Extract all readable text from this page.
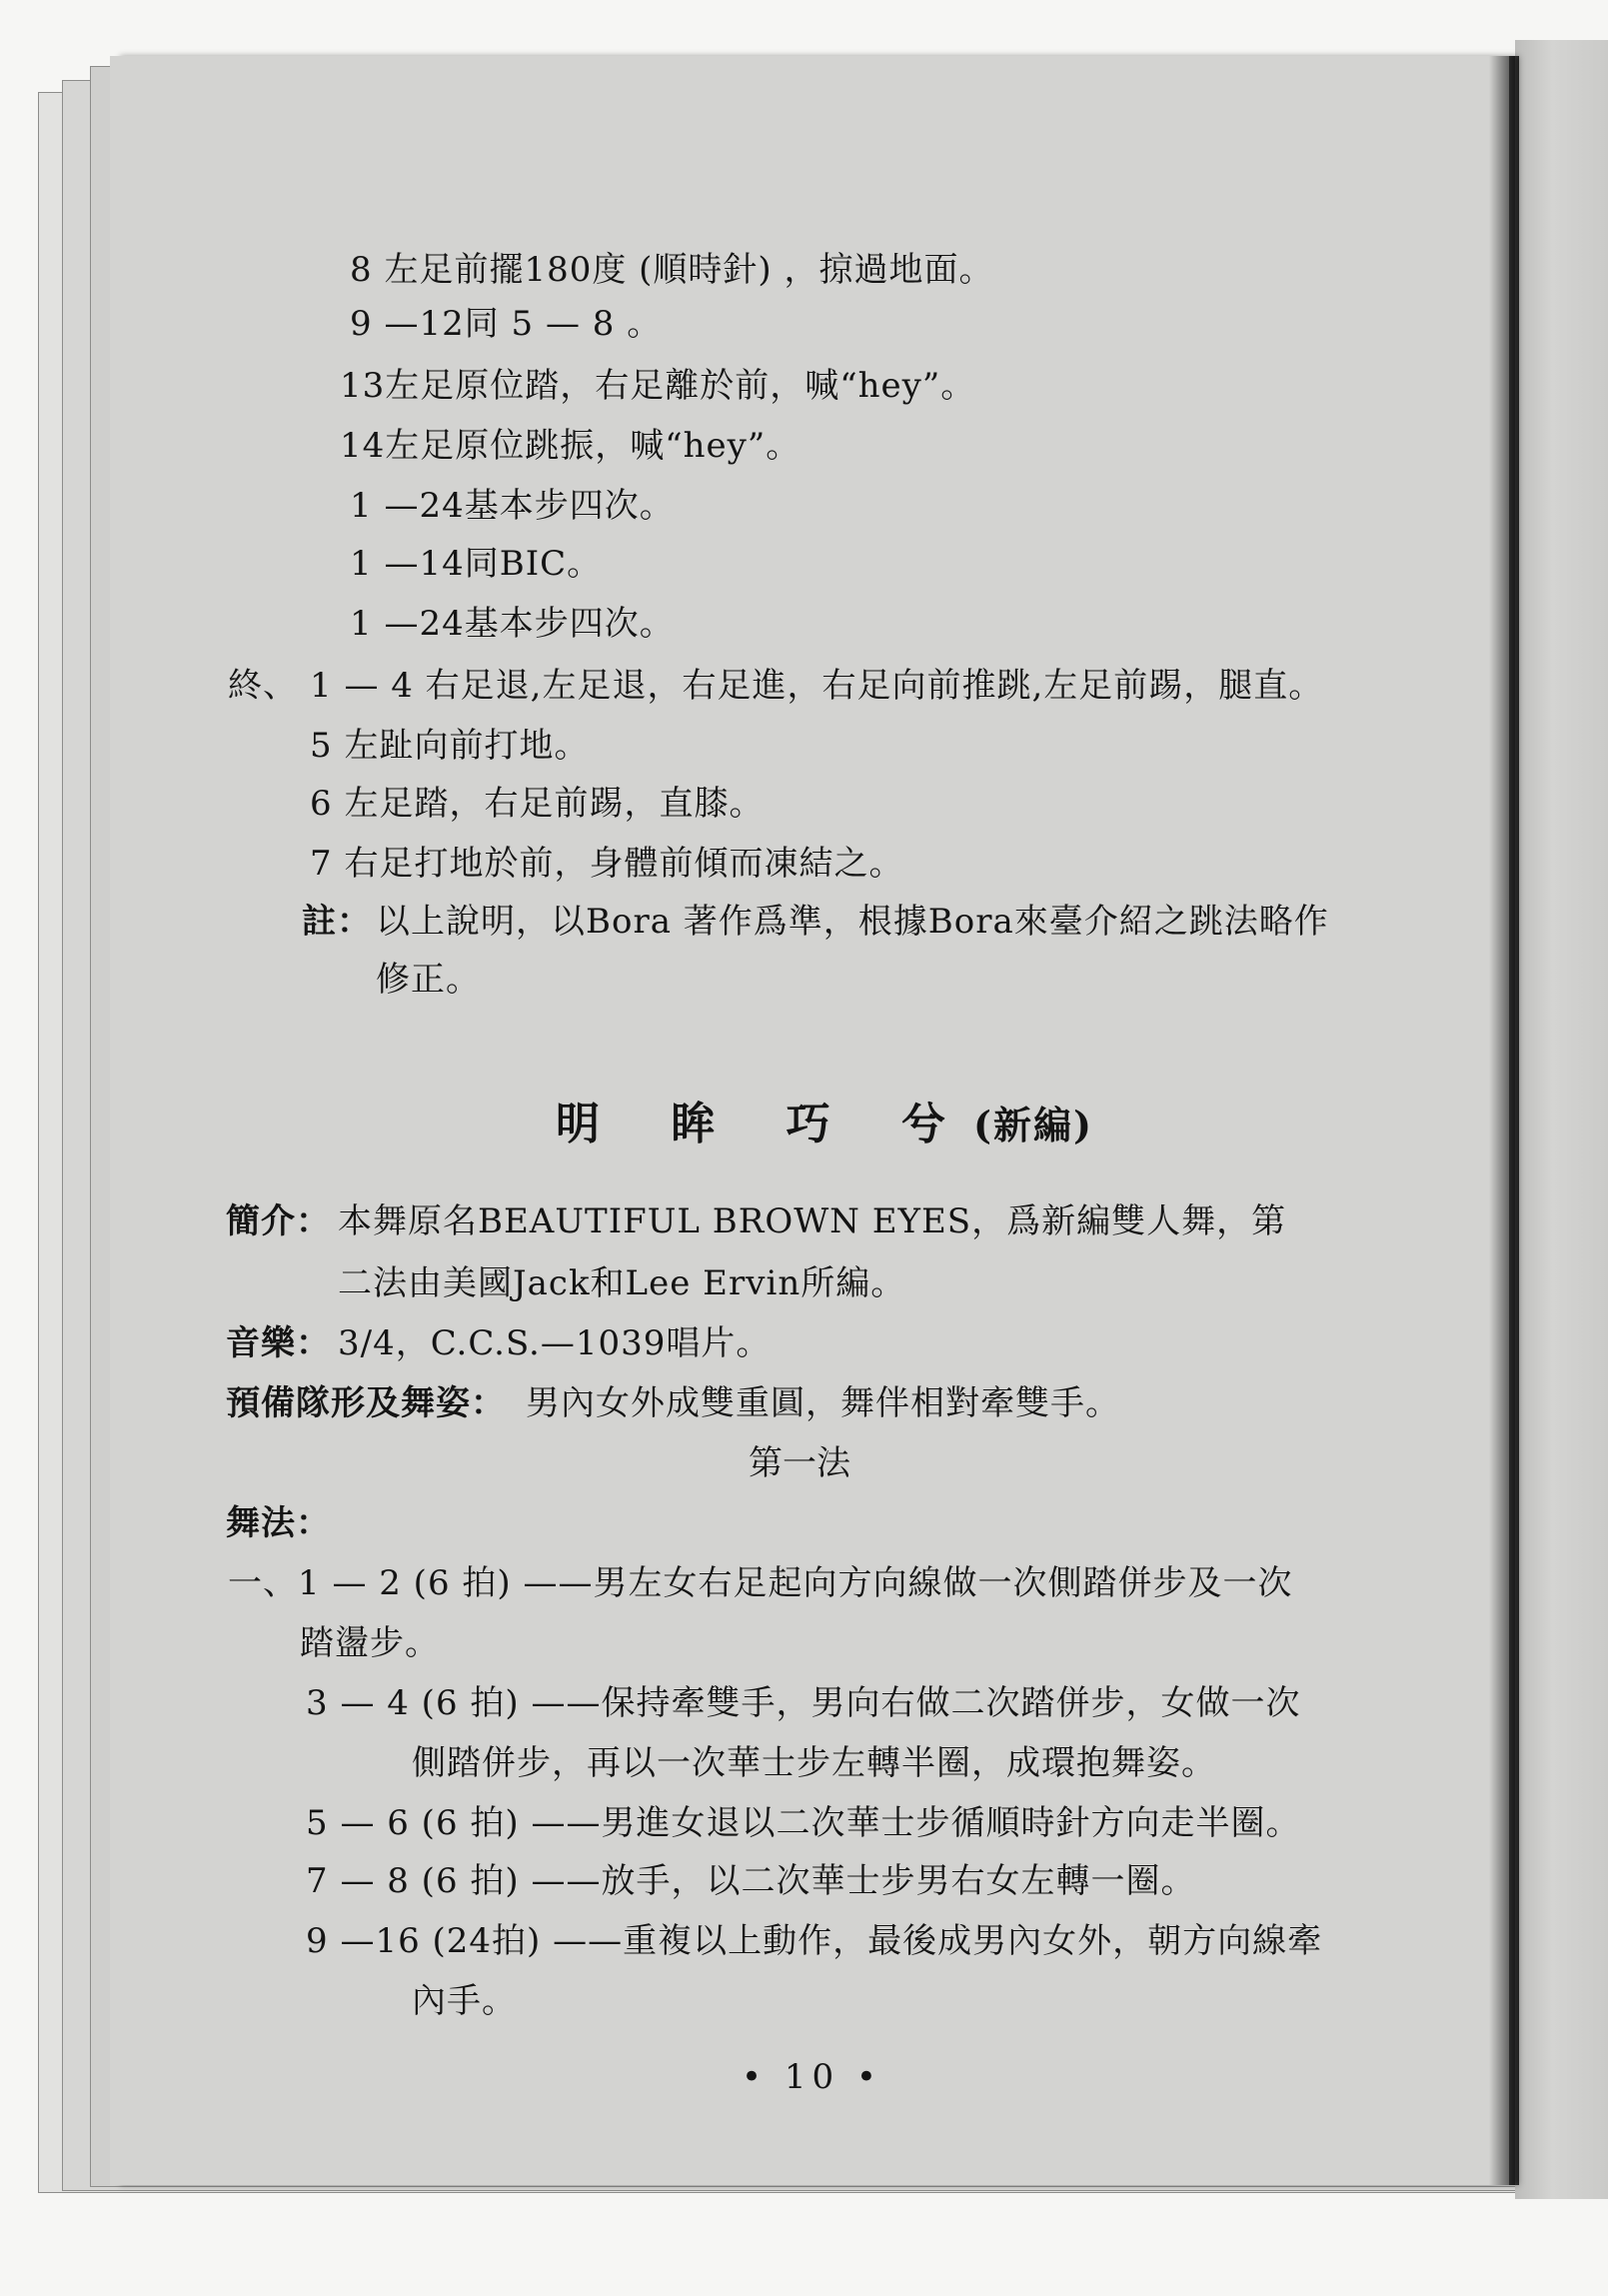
8 左足前擺180度 (順時針) ，掠過地面。
9 —12同 5 — 8 。
13左足原位踏，右足離於前，喊“hey”。
14左足原位跳振，喊“hey”。
1 —24基本步四次。
1 —14同BIC。
1 —24基本步四次。
終、 1 — 4 右足退,左足退，右足進，右足向前推跳,左足前踢，腿直。
5 左趾向前打地。
6 左足踏，右足前踢，直膝。
7 右足打地於前，身體前傾而凍結之。
註： 以上說明，以Bora 著作爲準，根據Bora來臺介紹之跳法略作
修正。
明 眸 巧 兮(新編)
簡介： 本舞原名BEAUTIFUL BROWN EYES，爲新編雙人舞，第
二法由美國Jack和Lee Ervin所編。
音樂： 3/4，C.C.S.—1039唱片。
預備隊形及舞姿： 男內女外成雙重圓，舞伴相對牽雙手。
第一法
舞法：
一、1 — 2 (6 拍) ——男左女右足起向方向線做一次側踏併步及一次
踏盪步。
3 — 4 (6 拍) ——保持牽雙手，男向右做二次踏併步，女做一次
側踏併步，再以一次華士步左轉半圈，成環抱舞姿。
5 — 6 (6 拍) ——男進女退以二次華士步循順時針方向走半圈。
7 — 8 (6 拍) ——放手，以二次華士步男右女左轉一圈。
9 —16 (24拍) ——重複以上動作，最後成男內女外，朝方向線牽
內手。
• 10 •
